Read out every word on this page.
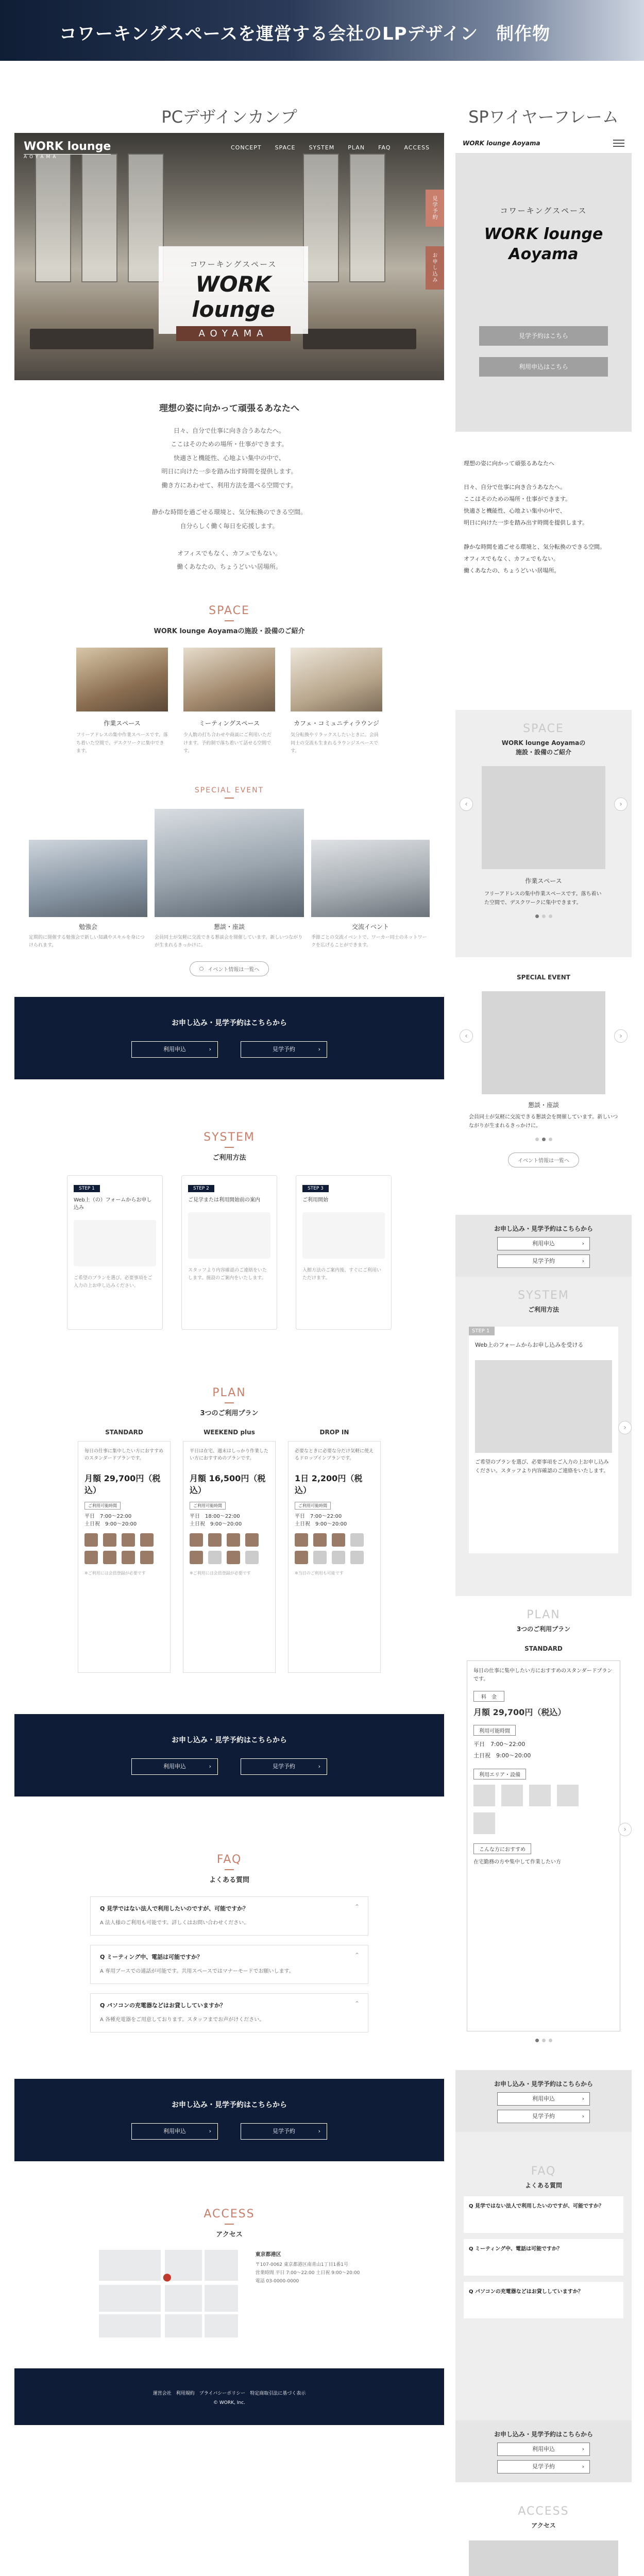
コワーキングスペースを運営する会社のLPデザイン　制作物
PCデザインカンプ	SPワイヤーフレーム
WORK lounge
AOYAMA
CONCEPT SPACE SYSTEM PLAN FAQ ACCESS
見学予約
お申し込み
コワーキングスペース
WORK lounge
AOYAMA
理想の姿に向かって頑張るあなたへ
日々、自分で仕事に向き合うあなたへ。
ここはそのための場所・仕事ができます。
快適さと機能性、心地よい集中の中で、
明日に向けた一歩を踏み出す時間を提供します。
働き方にあわせて、利用方法を選べる空間です。

静かな時間を過ごせる環境と、気分転換のできる空間。
自分らしく働く毎日を応援します。

オフィスでもなく、カフェでもない。
働くあなたの、ちょうどいい居場所。
SPACE
WORK lounge Aoyamaの施設・設備のご紹介
作業スペース
フリーアドレスの集中作業スペースです。落ち着いた空間で、デスクワークに集中できます。
ミーティングスペース
少人数の打ち合わせや商談にご利用いただけます。予約制で落ち着いて話せる空間です。
カフェ・コミュニティラウンジ
気分転換やリラックスしたいときに。会員同士の交流も生まれるラウンジスペースです。
SPECIAL EVENT
勉強会
定期的に開催する勉強会で新しい知識やスキルを身につけられます。
懇談・座談
会員同士が気軽に交流できる懇談会を開催しています。新しいつながりが生まれるきっかけに。
交流イベント
季節ごとの交流イベントで、ワーカー同士のネットワークを広げることができます。
○ イベント情報は一覧へ
お申し込み・見学予約はこちらから
利用申込 ›	見学予約 ›
SYSTEM
ご利用方法
STEP 1
Web上（の）フォームからお申し込み
ご希望のプランを選び、必要事項をご入力の上お申し込みください。
STEP 2
ご見学または利用開始前の案内
スタッフより内容確認のご連絡をいたします。施設のご案内をいたします。
STEP 3
ご利用開始
入館方法のご案内後、すぐにご利用いただけます。
PLAN
3つのご利用プラン
STANDARD
毎日の仕事に集中したい方におすすめのスタンダードプランです。
月額 29,700円（税込）
ご利用可能時間
平日　7:00〜22:00
土日祝　9:00〜20:00
※ご利用には会員登録が必要です
WEEKEND plus
平日は在宅、週末はしっかり作業したい方におすすめのプランです。
月額 16,500円（税込）
ご利用可能時間
平日　18:00〜22:00
土日祝　9:00〜20:00
※ご利用には会員登録が必要です
DROP IN
必要なときに必要な分だけ気軽に使えるドロップインプランです。
1日 2,200円（税込）
ご利用可能時間
平日　7:00〜22:00
土日祝　9:00〜20:00
※当日のご利用も可能です
お申し込み・見学予約はこちらから
利用申込 ›	見学予約 ›
FAQ
よくある質問
Q 見学ではない法人で利用したいのですが、可能ですか？
A 法人様のご利用も可能です。詳しくはお問い合わせください。
⌃
Q ミーティング中、電話は可能ですか？
A 専用ブースでの通話が可能です。共用スペースではマナーモードでお願いします。
⌃
Q パソコンの充電器などはお貸ししていますか？
A 各種充電器をご用意しております。スタッフまでお声がけください。
⌃
お申し込み・見学予約はこちらから
利用申込 ›	見学予約 ›
ACCESS
アクセス
●
東京都港区
〒107-0062 東京都港区南青山1丁目1番1号
営業時間 平日 7:00〜22:00 土日祝 9:00〜20:00
電話 03-0000-0000
運営会社　利用規約　プライバシーポリシー　特定商取引法に基づく表示
© WORK, Inc.
WORK lounge Aoyama
コワーキングスペース
WORK lounge
Aoyama
見学予約はこちら
利用申込はこちら
理想の姿に向かって頑張るあなたへ

日々、自分で仕事に向き合うあなたへ。
ここはそのための場所・仕事ができます。
快適さと機能性、心地よい集中の中で、
明日に向けた一歩を踏み出す時間を提供します。

静かな時間を過ごせる環境と、気分転換のできる空間。
オフィスでもなく、カフェでもない。
働くあなたの、ちょうどいい居場所。
SPACE
WORK lounge Aoyamaの
施設・設備のご紹介
‹	›
作業スペース
フリーアドレスの集中作業スペースです。落ち着いた空間で、デスクワークに集中できます。
SPECIAL EVENT
‹	›
懇談・座談
会員同士が気軽に交流できる懇談会を開催しています。新しいつながりが生まれるきっかけに。
イベント情報は一覧へ
お申し込み・見学予約はこちらから
利用申込 ›
見学予約 ›
SYSTEM
ご利用方法
STEP 1
Web上のフォームからお申し込みを受ける
ご希望のプランを選び、必要事項をご入力の上お申し込みください。スタッフより内容確認のご連絡をいたします。
›
PLAN
3つのご利用プラン
STANDARD
毎日の仕事に集中したい方におすすめのスタンダードプランです。
料　金
月額 29,700円（税込）
利用可能時間
平日　7:00〜22:00
土日祝　9:00〜20:00
利用エリア・設備
こんな方におすすめ
在宅勤務の方や集中して作業したい方
›
お申し込み・見学予約はこちらから
利用申込 ›
見学予約 ›
FAQ
よくある質問
Q 見学ではない法人で利用したいのですが、可能ですか？
Q ミーティング中、電話は可能ですか？
Q パソコンの充電器などはお貸ししていますか？
お申し込み・見学予約はこちらから
利用申込 ›
見学予約 ›
ACCESS
アクセス
